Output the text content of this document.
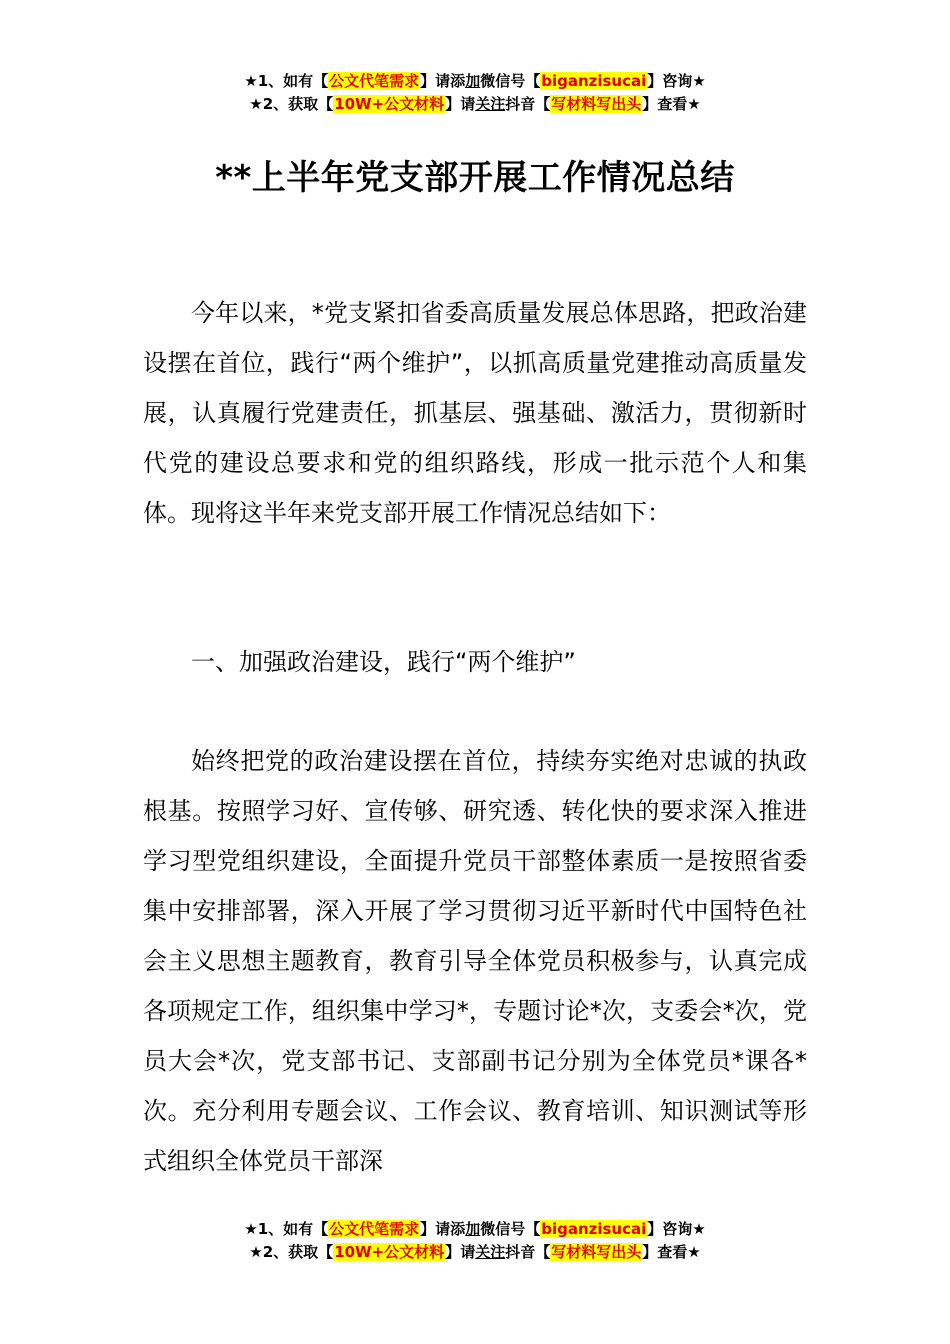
★1、如有【公文代笔需求】请添加微信号【biganzisucai】咨询★
★2、获取【10W+公文材料】请关注抖音【写材料写出头】查看★
**上半年党支部开展工作情况总结

今年以来，*党支紧扣省委高质量发展总体思路，把政治建设摆在首位，践行“两个维护”，以抓高质量党建推动高质量发展，认真履行党建责任，抓基层、强基础、激活力，贯彻新时代党的建设总要求和党的组织路线，形成一批示范个人和集体。现将这半年来党支部开展工作情况总结如下：

一、加强政治建设，践行“两个维护”

始终把党的政治建设摆在首位，持续夯实绝对忠诚的执政根基。按照学习好、宣传够、研究透、转化快的要求深入推进学习型党组织建设，全面提升党员干部整体素质一是按照省委集中安排部署，深入开展了学习贯彻习近平新时代中国特色社会主义思想主题教育，教育引导全体党员积极参与，认真完成各项规定工作，组织集中学习*，专题讨论*次，支委会*次，党员大会*次，党支部书记、支部副书记分别为全体党员*课各*次。充分利用专题会议、工作会议、教育培训、知识测试等形式组织全体党员干部深

★1、如有【公文代笔需求】请添加微信号【biganzisucai】咨询★
★2、获取【10W+公文材料】请关注抖音【写材料写出头】查看★
